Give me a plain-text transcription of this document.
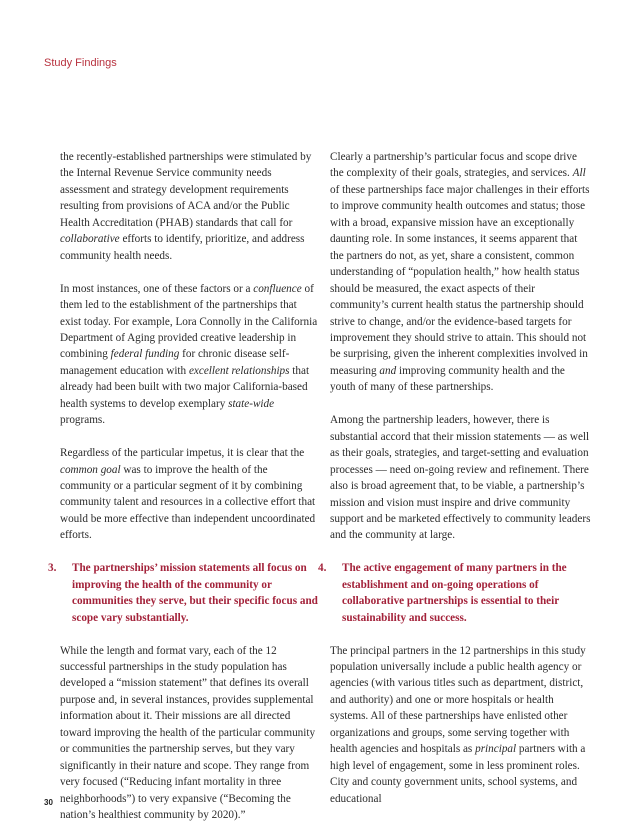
Study Findings

the recently-established partnerships were stimulated by the Internal Revenue Service community needs assessment and strategy development requirements resulting from provisions of ACA and/or the Public Health Accreditation (PHAB) standards that call for collaborative efforts to identify, prioritize, and address community health needs.

In most instances, one of these factors or a confluence of them led to the establishment of the partnerships that exist today. For example, Lora Connolly in the California Department of Aging provided creative leadership in combining federal funding for chronic disease self-management education with excellent relationships that already had been built with two major California-based health systems to develop exemplary state-wide programs.

Regardless of the particular impetus, it is clear that the common goal was to improve the health of the community or a particular segment of it by combining community talent and resources in a collective effort that would be more effective than independent uncoordinated efforts.

3.	The partnerships’ mission statements all focus on improving the health of the community or communities they serve, but their specific focus and scope vary substantially.

While the length and format vary, each of the 12 successful partnerships in the study population has developed a “mission statement” that defines its overall purpose and, in several instances, provides supplemental information about it. Their missions are all directed toward improving the health of the particular community or communities the partnership serves, but they vary significantly in their nature and scope. They range from very focused (“Reducing infant mortality in three neighborhoods”) to very expansive (“Becoming the nation’s healthiest community by 2020).”

Clearly a partnership’s particular focus and scope drive the complexity of their goals, strategies, and services. All of these partnerships face major challenges in their efforts to improve community health outcomes and status; those with a broad, expansive mission have an exceptionally daunting role. In some instances, it seems apparent that the partners do not, as yet, share a consistent, common understanding of “population health,” how health status should be measured, the exact aspects of their community’s current health status the partnership should strive to change, and/or the evidence-based targets for improvement they should strive to attain. This should not be surprising, given the inherent complexities involved in measuring and improving community health and the youth of many of these partnerships.

Among the partnership leaders, however, there is substantial accord that their mission statements — as well as their goals, strategies, and target-setting and evaluation processes — need on-going review and refinement. There also is broad agreement that, to be viable, a partnership’s mission and vision must inspire and drive community support and be marketed effectively to community leaders and the community at large.

4.	The active engagement of many partners in the establishment and on-going operations of collaborative partnerships is essential to their sustainability and success.

The principal partners in the 12 partnerships in this study population universally include a public health agency or agencies (with various titles such as department, district, and authority) and one or more hospitals or health systems. All of these partnerships have enlisted other organizations and groups, some serving together with health agencies and hospitals as principal partners with a high level of engagement, some in less prominent roles. City and county government units, school systems, and educational

30
